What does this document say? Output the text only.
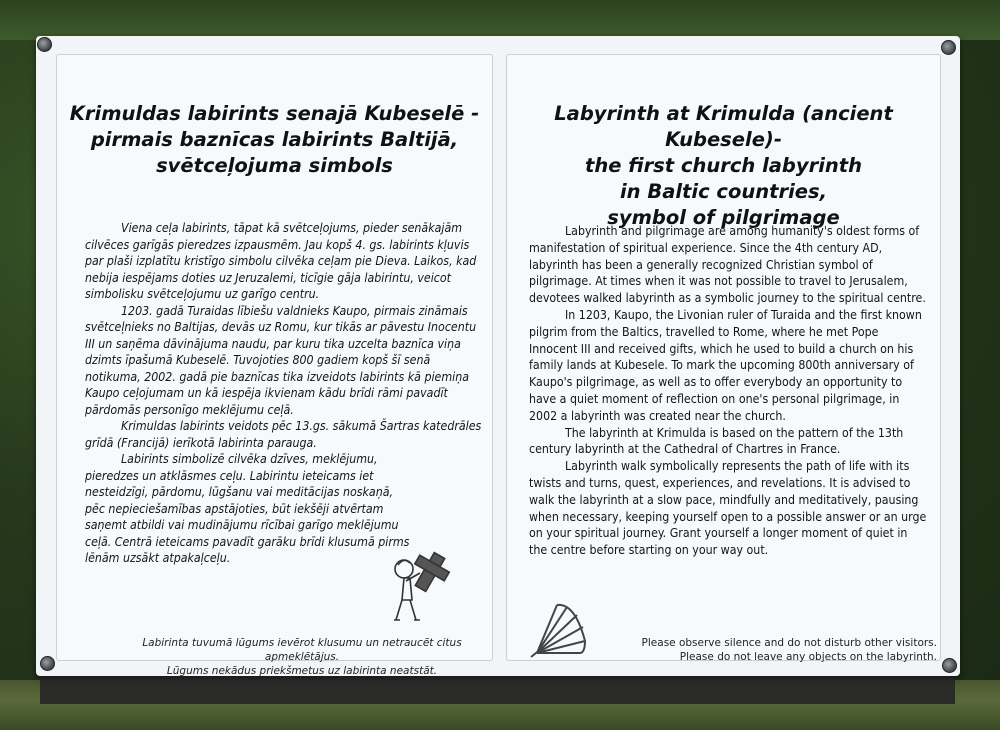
Krimuldas labirints senajā Kubeselē -
pirmais baznīcas labirints Baltijā,
svētceļojuma simbols

Viena ceļa labirints, tāpat kā svētceļojums, pieder senākajām cilvēces garīgās pieredzes izpausmēm. Jau kopš 4. gs. labirints kļuvis par plaši izplatītu kristīgo simbolu cilvēka ceļam pie Dieva. Laikos, kad nebija iespējams doties uz Jeruzalemi, ticīgie gāja labirintu, veicot simbolisku svētceļojumu uz garīgo centru.

1203. gadā Turaidas lībiešu valdnieks Kaupo, pirmais zināmais svētceļnieks no Baltijas, devās uz Romu, kur tikās ar pāvestu Inocentu III un saņēma dāvinājuma naudu, par kuru tika uzcelta baznīca viņa dzimts īpašumā Kubeselē. Tuvojoties 800 gadiem kopš šī senā notikuma, 2002. gadā pie baznīcas tika izveidots labirints kā piemiņa Kaupo ceļojumam un kā iespēja ikvienam kādu brīdi rāmi pavadīt pārdomās personīgo meklējumu ceļā.

Krimuldas labirints veidots pēc 13.gs. sākumā Šartras katedrāles grīdā (Francijā) ierīkotā labirinta parauga.

Labirints simbolizē cilvēka dzīves, meklējumu, pieredzes un atklāsmes ceļu. Labirintu ieteicams iet nesteidzīgi, pārdomu, lūgšanu vai meditācijas noskaņā, pēc nepieciešamības apstājoties, būt iekšēji atvērtam saņemt atbildi vai mudinājumu rīcībai garīgo meklējumu ceļā. Centrā ieteicams pavadīt garāku brīdi klusumā pirms lēnām uzsākt atpakaļceļu.

Labirinta tuvumā lūgums ievērot klusumu un netraucēt citus apmeklētājus.
Lūgums nekādus priekšmetus uz labirinta neatstāt.
Labyrinth at Krimulda (ancient Kubesele)-
the first church labyrinth
in Baltic countries,
symbol of pilgrimage

Labyrinth and pilgrimage are among humanity's oldest forms of manifestation of spiritual experience. Since the 4th century AD, labyrinth has been a generally recognized Christian symbol of pilgrimage. At times when it was not possible to travel to Jerusalem, devotees walked labyrinth as a symbolic journey to the spiritual centre.

In 1203, Kaupo, the Livonian ruler of Turaida and the first known pilgrim from the Baltics, travelled to Rome, where he met Pope Innocent III and received gifts, which he used to build a church on his family lands at Kubesele. To mark the upcoming 800th anniversary of Kaupo's pilgrimage, as well as to offer everybody an opportunity to have a quiet moment of reflection on one's personal pilgrimage, in 2002 a labyrinth was created near the church.

The labyrinth at Krimulda is based on the pattern of the 13th century labyrinth at the Cathedral of Chartres in France.

Labyrinth walk symbolically represents the path of life with its twists and turns, quest, experiences, and revelations. It is advised to walk the labyrinth at a slow pace, mindfully and meditatively, pausing when necessary, keeping yourself open to a possible answer or an urge on your spiritual journey. Grant yourself a longer moment of quiet in the centre before starting on your way out.

Please observe silence and do not disturb other visitors.
Please do not leave any objects on the labyrinth.
